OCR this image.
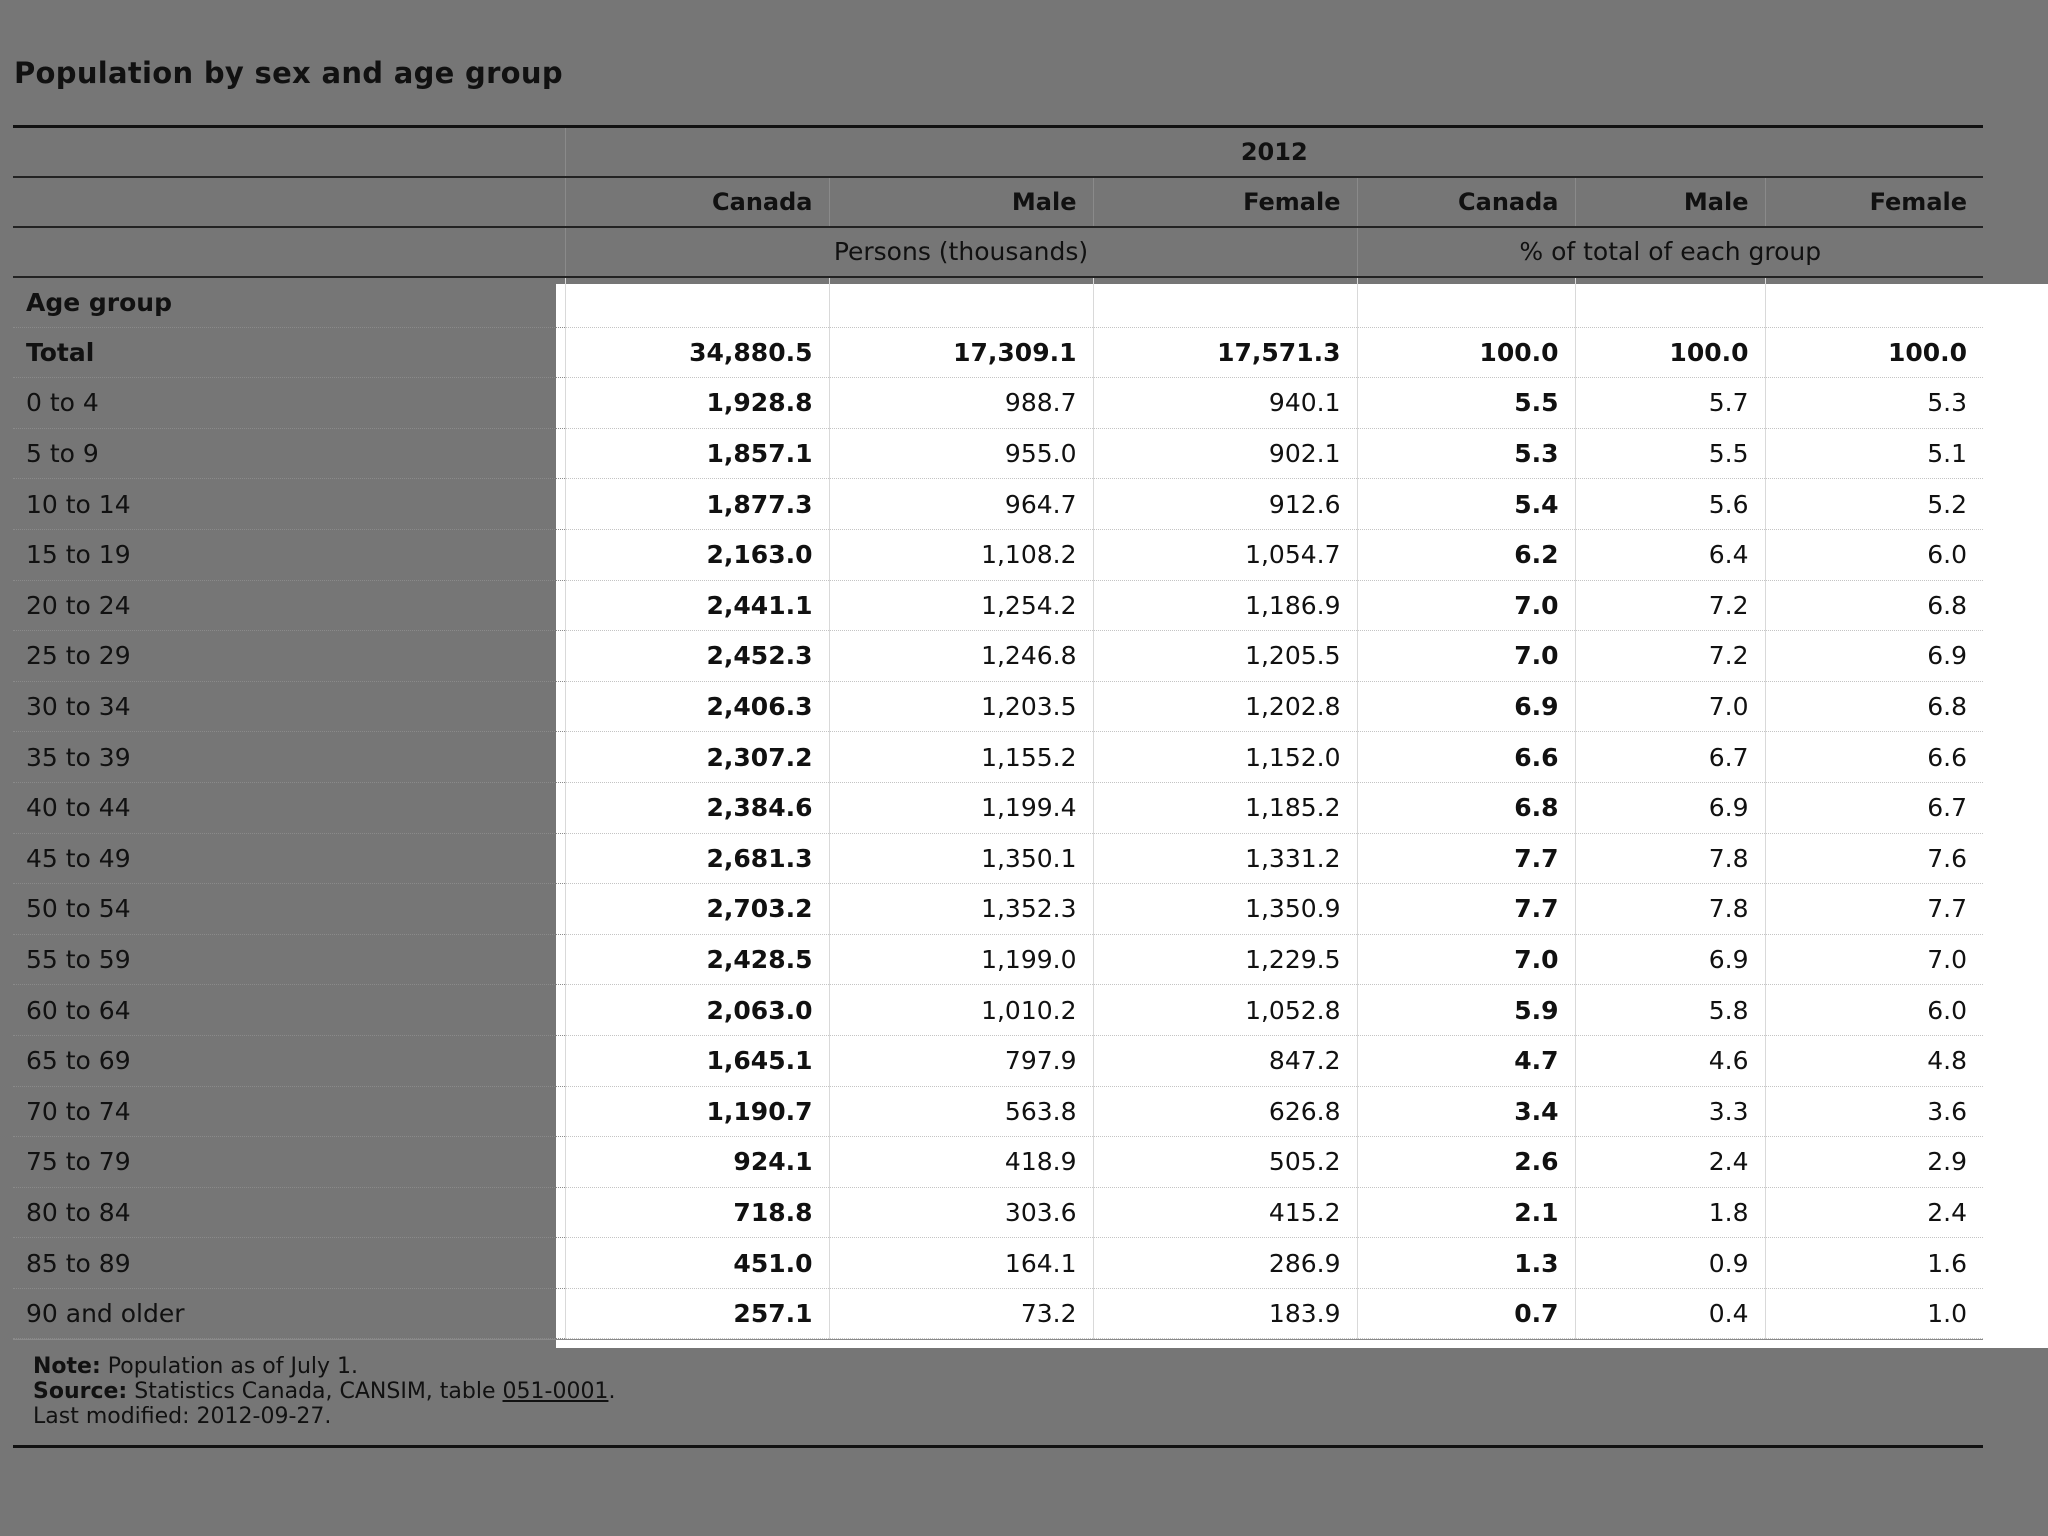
Population by sex and age group
	2012					
	Canada	Male	Female	Canada	Male	Female
	Persons (thousands)			% of total of each group		
Age group						
Total	34,880.5	17,309.1	17,571.3	100.0	100.0	100.0
0 to 4	1,928.8	988.7	940.1	5.5	5.7	5.3
5 to 9	1,857.1	955.0	902.1	5.3	5.5	5.1
10 to 14	1,877.3	964.7	912.6	5.4	5.6	5.2
15 to 19	2,163.0	1,108.2	1,054.7	6.2	6.4	6.0
20 to 24	2,441.1	1,254.2	1,186.9	7.0	7.2	6.8
25 to 29	2,452.3	1,246.8	1,205.5	7.0	7.2	6.9
30 to 34	2,406.3	1,203.5	1,202.8	6.9	7.0	6.8
35 to 39	2,307.2	1,155.2	1,152.0	6.6	6.7	6.6
40 to 44	2,384.6	1,199.4	1,185.2	6.8	6.9	6.7
45 to 49	2,681.3	1,350.1	1,331.2	7.7	7.8	7.6
50 to 54	2,703.2	1,352.3	1,350.9	7.7	7.8	7.7
55 to 59	2,428.5	1,199.0	1,229.5	7.0	6.9	7.0
60 to 64	2,063.0	1,010.2	1,052.8	5.9	5.8	6.0
65 to 69	1,645.1	797.9	847.2	4.7	4.6	4.8
70 to 74	1,190.7	563.8	626.8	3.4	3.3	3.6
75 to 79	924.1	418.9	505.2	2.6	2.4	2.9
80 to 84	718.8	303.6	415.2	2.1	1.8	2.4
85 to 89	451.0	164.1	286.9	1.3	0.9	1.6
90 and older	257.1	73.2	183.9	0.7	0.4	1.0
Note: Population as of July 1.
Source: Statistics Canada, CANSIM, table 051-0001.
Last modified: 2012-09-27.
